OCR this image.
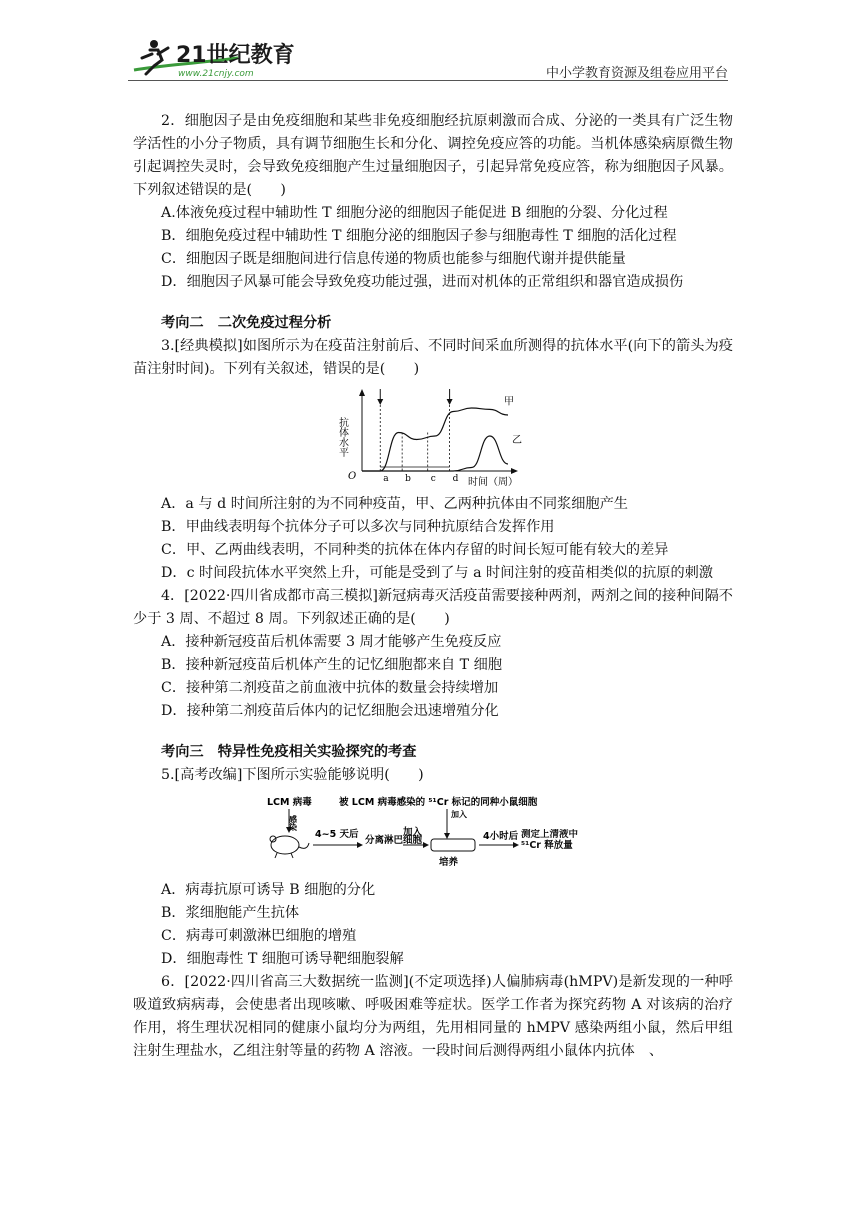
21世纪教育
www.21cnjy.com	中小学教育资源及组卷应用平台

2．细胞因子是由免疫细胞和某些非免疫细胞经抗原刺激而合成、分泌的一类具有广泛生物学活性的小分子物质，具有调节细胞生长和分化、调控免疫应答的功能。当机体感染病原微生物引起调控失灵时，会导致免疫细胞产生过量细胞因子，引起异常免疫应答，称为细胞因子风暴。下列叙述错误的是(　　)

A.体液免疫过程中辅助性 T 细胞分泌的细胞因子能促进 B 细胞的分裂、分化过程

B．细胞免疫过程中辅助性 T 细胞分泌的细胞因子参与细胞毒性 T 细胞的活化过程

C．细胞因子既是细胞间进行信息传递的物质也能参与细胞代谢并提供能量

D．细胞因子风暴可能会导致免疫功能过强，进而对机体的正常组织和器官造成损伤

考向二　二次免疫过程分析

3.[经典模拟]如图所示为在疫苗注射前后、不同时间采血所测得的抗体水平(向下的箭头为疫苗注射时间)。下列有关叙述，错误的是(　　)

抗体水平
O
时间（周）
甲
乙
a b c d

A．a 与 d 时间所注射的为不同种疫苗，甲、乙两种抗体由不同浆细胞产生

B．甲曲线表明每个抗体分子可以多次与同种抗原结合发挥作用

C．甲、乙两曲线表明，不同种类的抗体在体内存留的时间长短可能有较大的差异

D．c 时间段抗体水平突然上升，可能是受到了与 a 时间注射的疫苗相类似的抗原的刺激

4．[2022·四川省成都市高三模拟]新冠病毒灭活疫苗需要接种两剂，两剂之间的接种间隔不少于 3 周、不超过 8 周。下列叙述正确的是(　　)

A．接种新冠疫苗后机体需要 3 周才能够产生免疫反应

B．接种新冠疫苗后机体产生的记忆细胞都来自 T 细胞

C．接种第二剂疫苗之前血液中抗体的数量会持续增加

D．接种第二剂疫苗后体内的记忆细胞会迅速增殖分化

考向三　特异性免疫相关实验探究的考查

5.[高考改编]下图所示实验能够说明(　　)

LCM 病毒	被 LCM 病毒感染的 ⁵¹Cr 标记的同种小鼠细胞
感染
4~5 天后
分离淋巴细胞
加入
加入
培养
4小时后 测定上清液中 ⁵¹Cr 释放量

A．病毒抗原可诱导 B 细胞的分化

B．浆细胞能产生抗体

C．病毒可刺激淋巴细胞的增殖

D．细胞毒性 T 细胞可诱导靶细胞裂解

6．[2022·四川省高三大数据统一监测](不定项选择)人偏肺病毒(hMPV)是新发现的一种呼吸道致病病毒，会使患者出现咳嗽、呼吸困难等症状。医学工作者为探究药物 A 对该病的治疗作用，将生理状况相同的健康小鼠均分为两组，先用相同量的 hMPV 感染两组小鼠，然后甲组注射生理盐水，乙组注射等量的药物 A 溶液。一段时间后测得两组小鼠体内抗体　、
